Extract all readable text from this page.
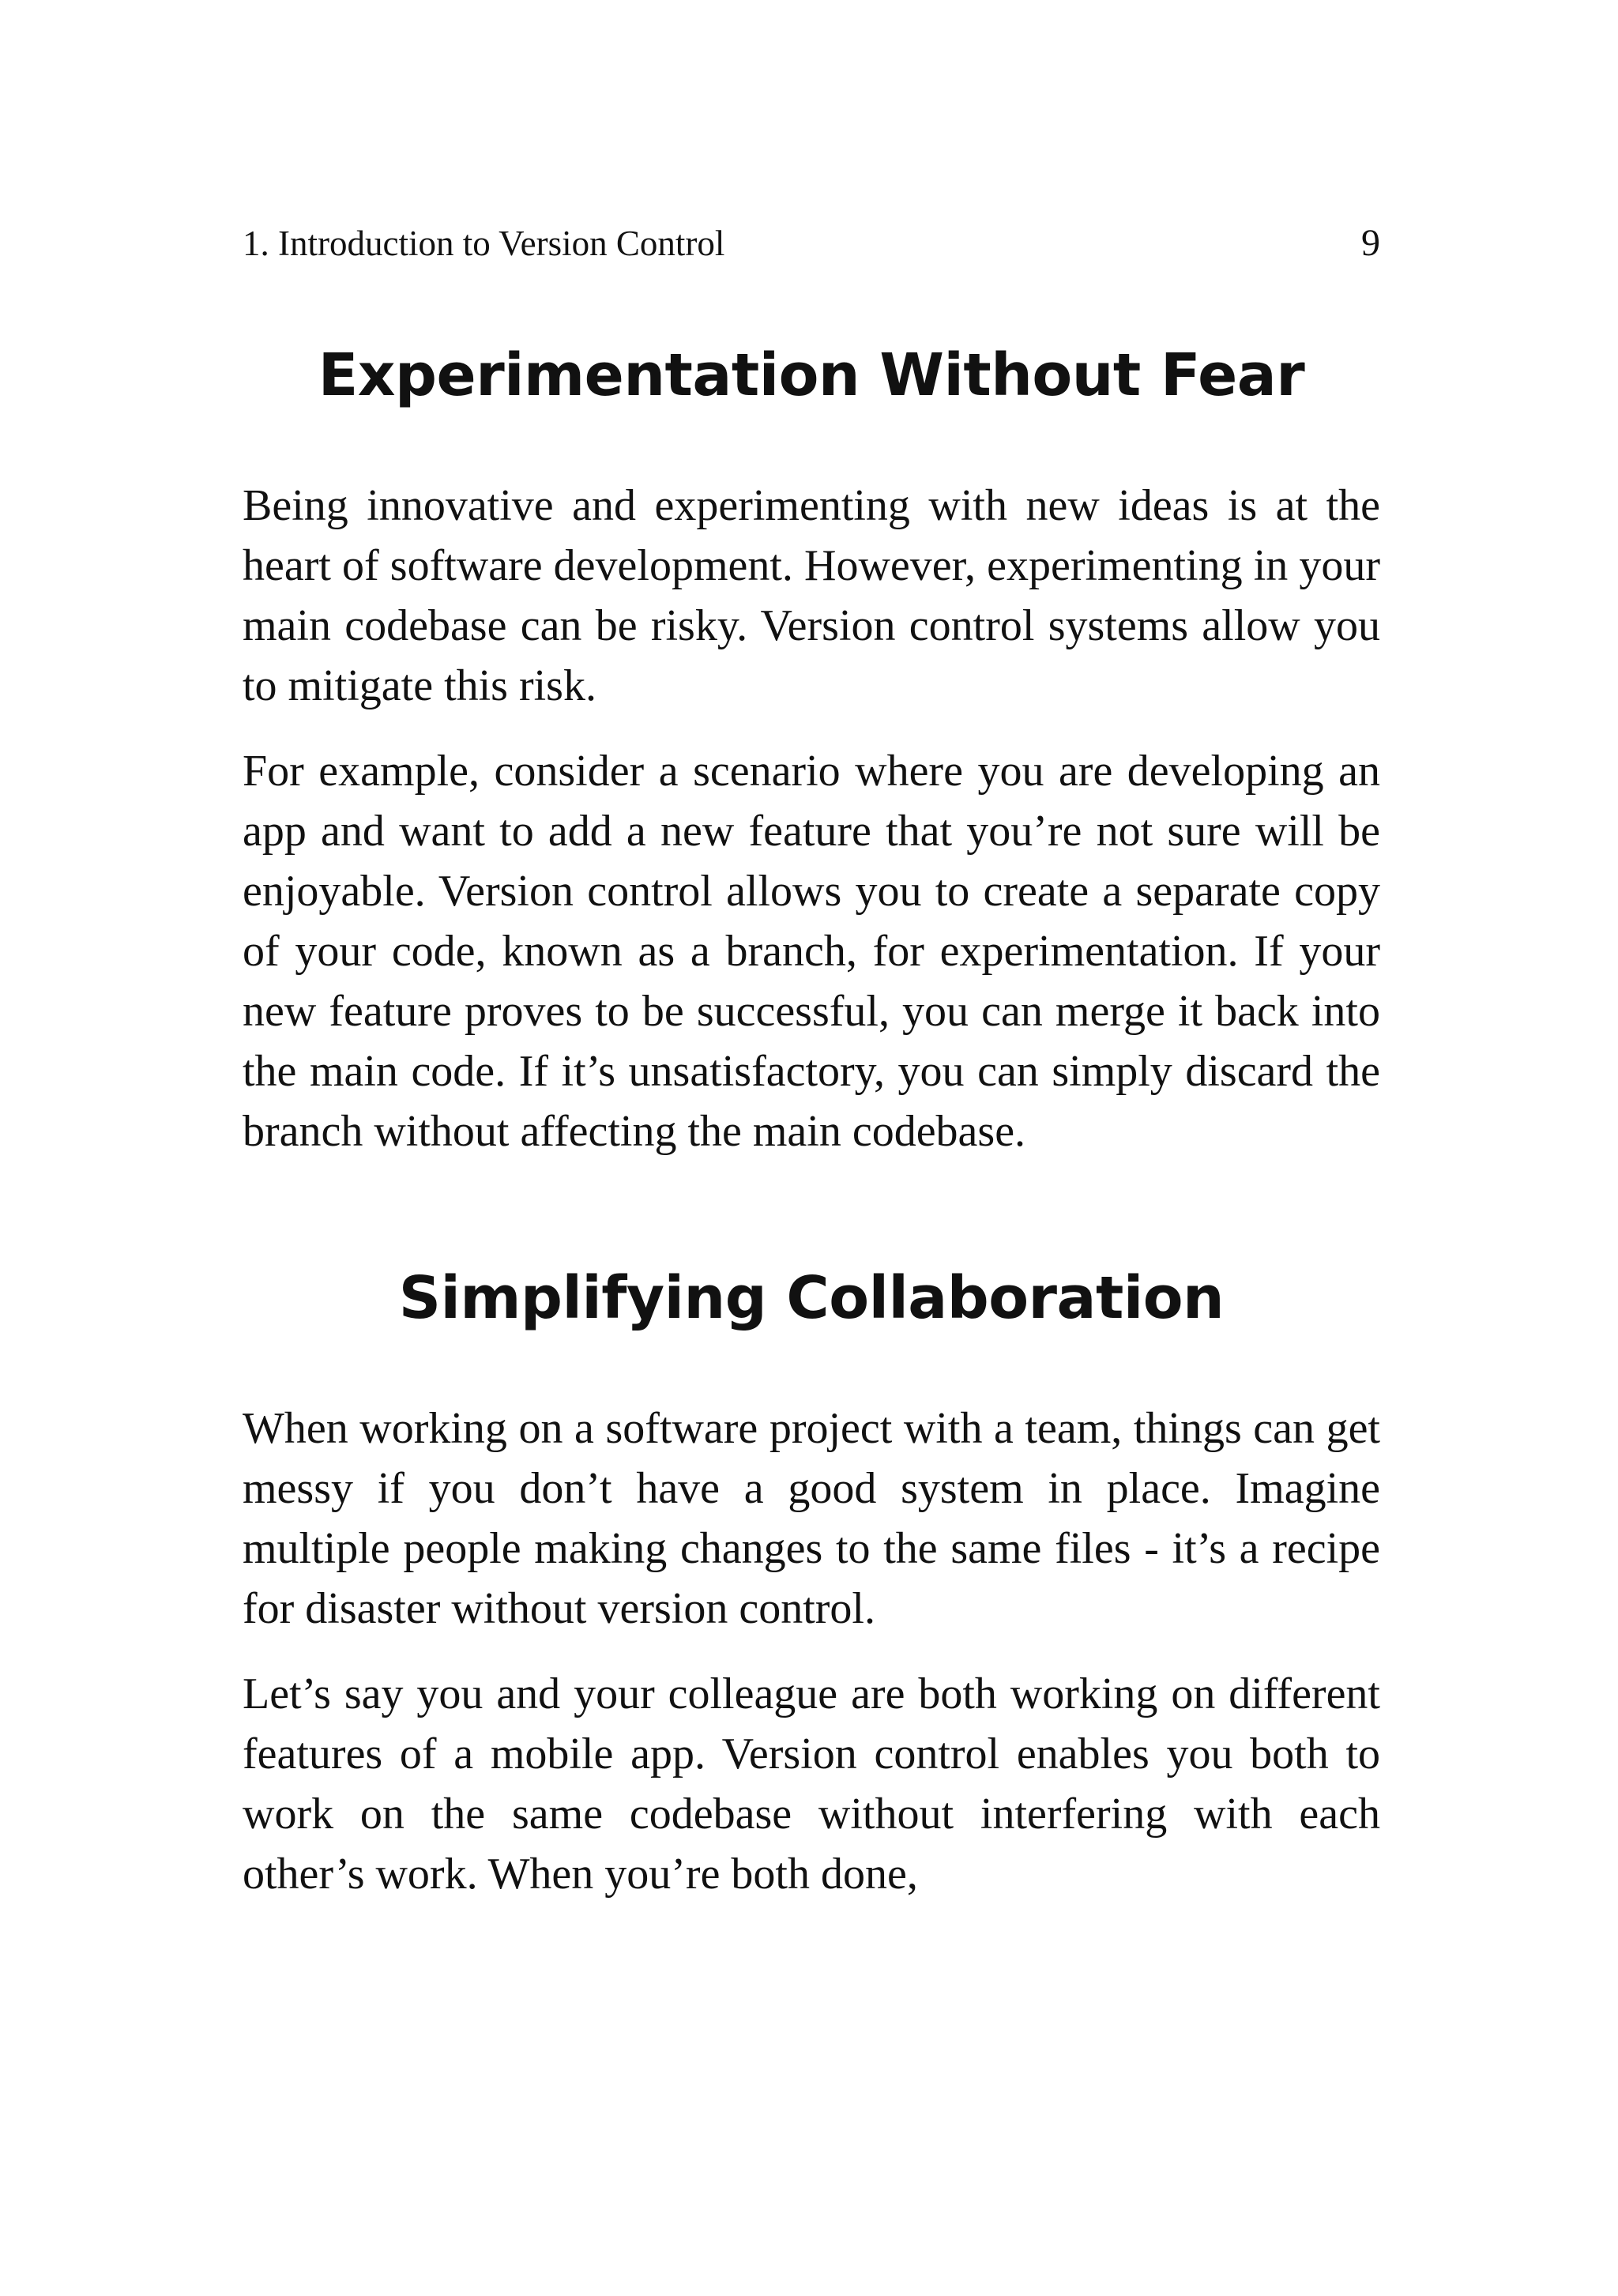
1. Introduction to Version Control	9
Experimentation Without Fear

Being innovative and experimenting with new ideas is at the heart of software development. However, experimenting in your main codebase can be risky. Version control systems allow you to mitigate this risk.

For example, consider a scenario where you are developing an app and want to add a new feature that you’re not sure will be enjoyable. Version control allows you to create a separate copy of your code, known as a branch, for experimentation. If your new feature proves to be successful, you can merge it back into the main code. If it’s unsatisfactory, you can simply discard the branch without affecting the main codebase.

Simplifying Collaboration

When working on a software project with a team, things can get messy if you don’t have a good system in place. Imagine multiple people making changes to the same files - it’s a recipe for disaster without version control.

Let’s say you and your colleague are both working on different features of a mobile app. Version control enables you both to work on the same codebase without interfering with each other’s work. When you’re both done,
